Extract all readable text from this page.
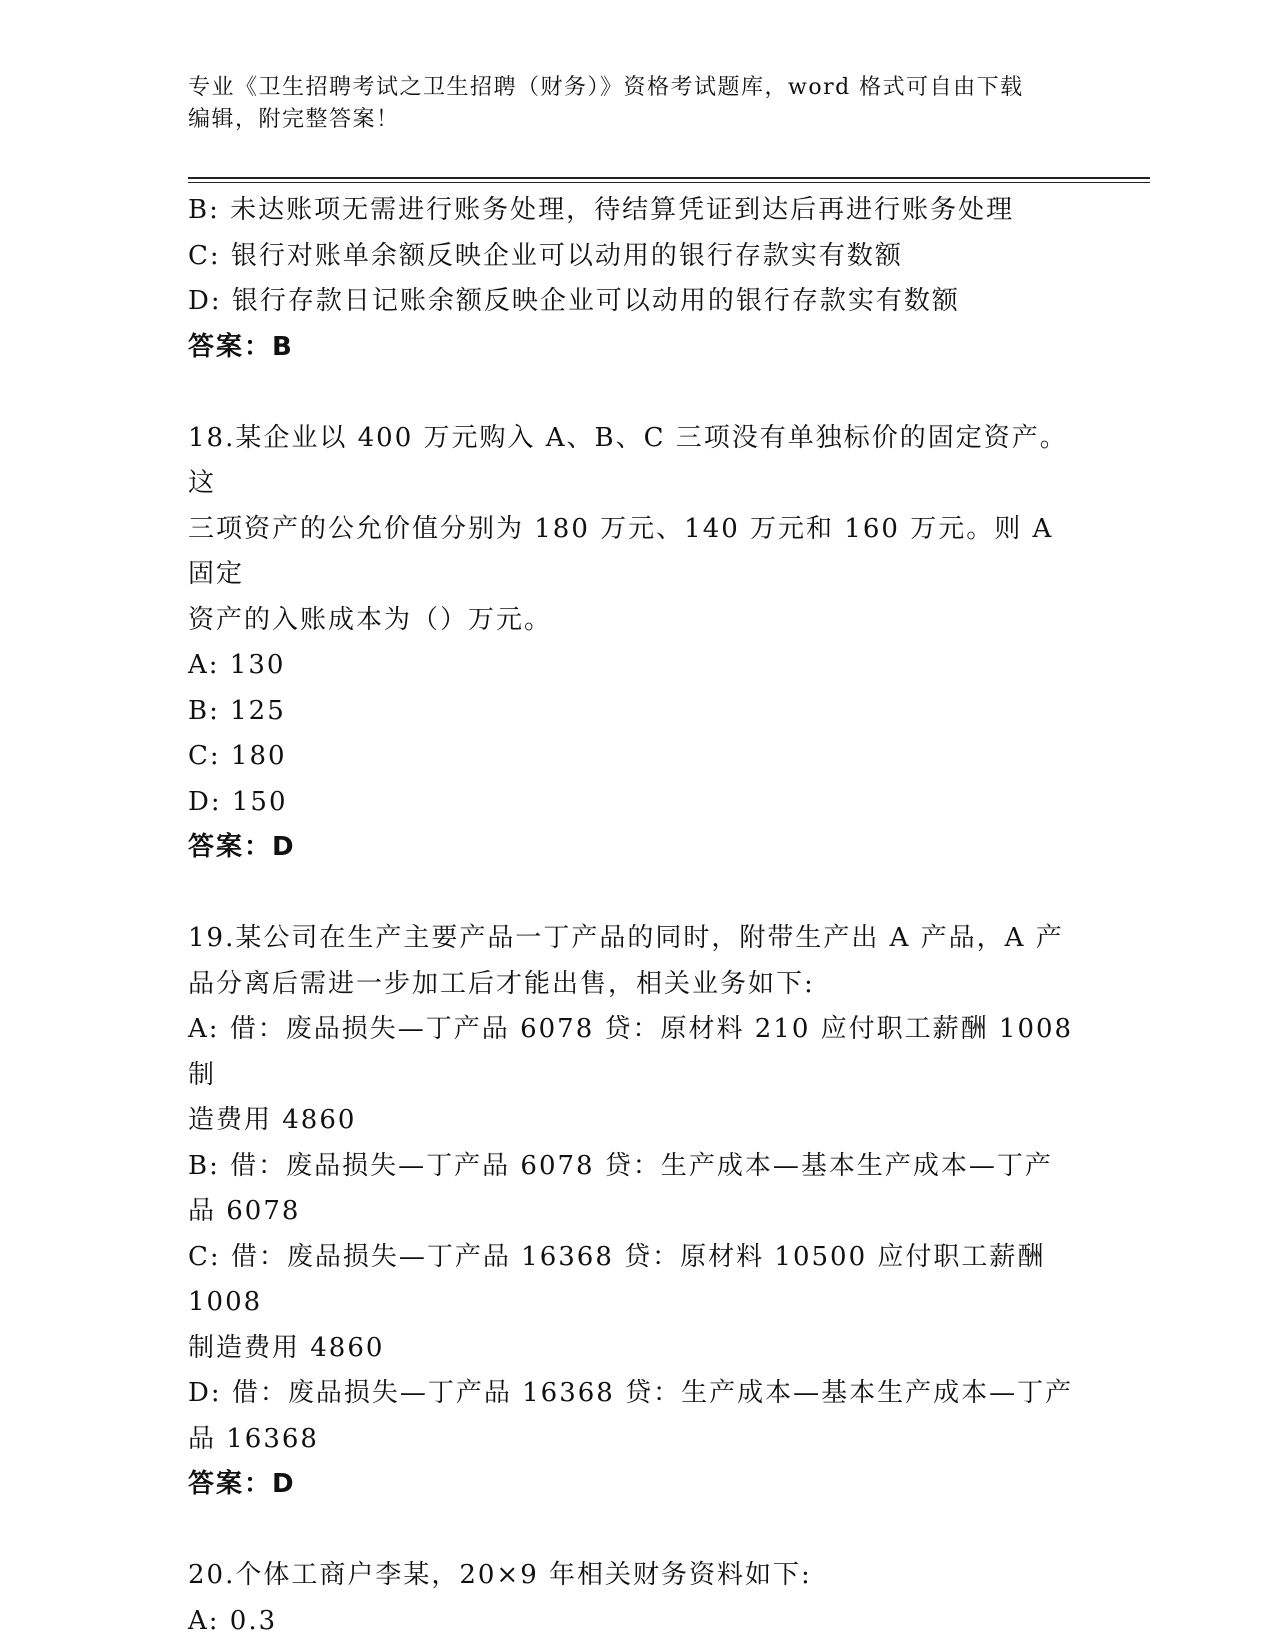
专业《卫生招聘考试之卫生招聘（财务）》资格考试题库，word 格式可自由下载
编辑，附完整答案！

B: 未达账项无需进行账务处理，待结算凭证到达后再进行账务处理

C: 银行对账单余额反映企业可以动用的银行存款实有数额

D: 银行存款日记账余额反映企业可以动用的银行存款实有数额

答案：B

18.某企业以 400 万元购入 A、B、C 三项没有单独标价的固定资产。这

三项资产的公允价值分别为 180 万元、140 万元和 160 万元。则 A 固定

资产的入账成本为（）万元。

A: 130

B: 125

C: 180

D: 150

答案：D

19.某公司在生产主要产品一丁产品的同时，附带生产出 A 产品，A 产

品分离后需进一步加工后才能出售，相关业务如下:

A: 借：废品损失—丁产品 6078 贷：原材料 210 应付职工薪酬 1008 制

造费用 4860

B: 借：废品损失—丁产品 6078 贷：生产成本—基本生产成本—丁产

品 6078

C: 借：废品损失—丁产品 16368 贷：原材料 10500 应付职工薪酬 1008

制造费用 4860

D: 借：废品损失—丁产品 16368 贷：生产成本—基本生产成本—丁产

品 16368

答案：D

20.个体工商户李某，20×9 年相关财务资料如下:

A: 0.3
